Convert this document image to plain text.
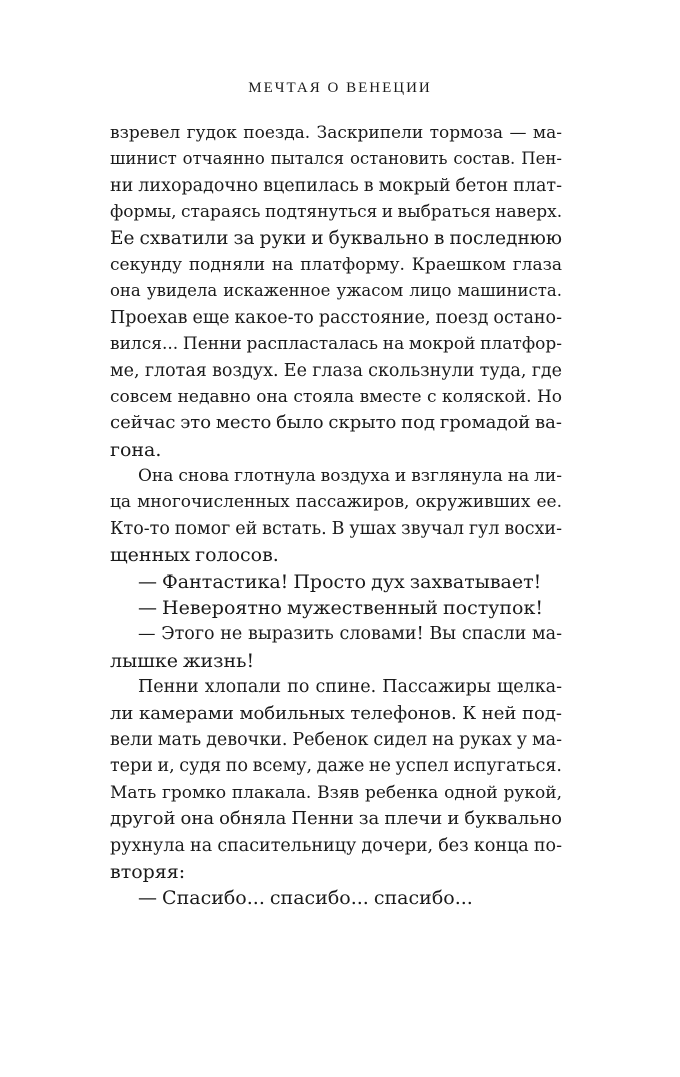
МЕЧТАЯ О ВЕНЕЦИИ
взревел гудок поезда. Заскрипели тормоза — ма-
шинист отчаянно пытался остановить состав. Пен-
ни лихорадочно вцепилась в мокрый бетон плат-
формы, стараясь подтянуться и выбраться наверх.
Ее схватили за руки и буквально в последнюю
секунду подняли на платформу. Краешком глаза
она увидела искаженное ужасом лицо машиниста.
Проехав еще какое-то расстояние, поезд останo-
вился... Пенни распласталась на мокрой платфор-
ме, глотая воздух. Ее глаза скользнули туда, где
совсем недавно она стояла вместе с коляской. Но
сейчас это место было скрыто под громадой ва-
гона.
Она снова глотнула воздуха и взглянула на ли-
ца многочисленных пассажиров, окруживших ее.
Кто-то помог ей встать. В ушах звучал гул восхи-
щенных голосов.
— Фантастика! Просто дух захватывает!
— Невероятно мужественный поступок!
— Этого не выразить словами! Вы спасли ма-
лышке жизнь!
Пенни хлопали по спине. Пассажиры щелка-
ли камерами мобильных телефонов. К ней под-
вели мать девочки. Ребенок сидел на руках у ма-
тери и, судя по всему, даже не успел испугаться.
Мать громко плакала. Взяв ребенка одной рукой,
другой она обняла Пенни за плечи и буквально
рухнула на спасительницу дочери, без конца по-
вторяя:
— Спасибо... спасибо... спасибо...
